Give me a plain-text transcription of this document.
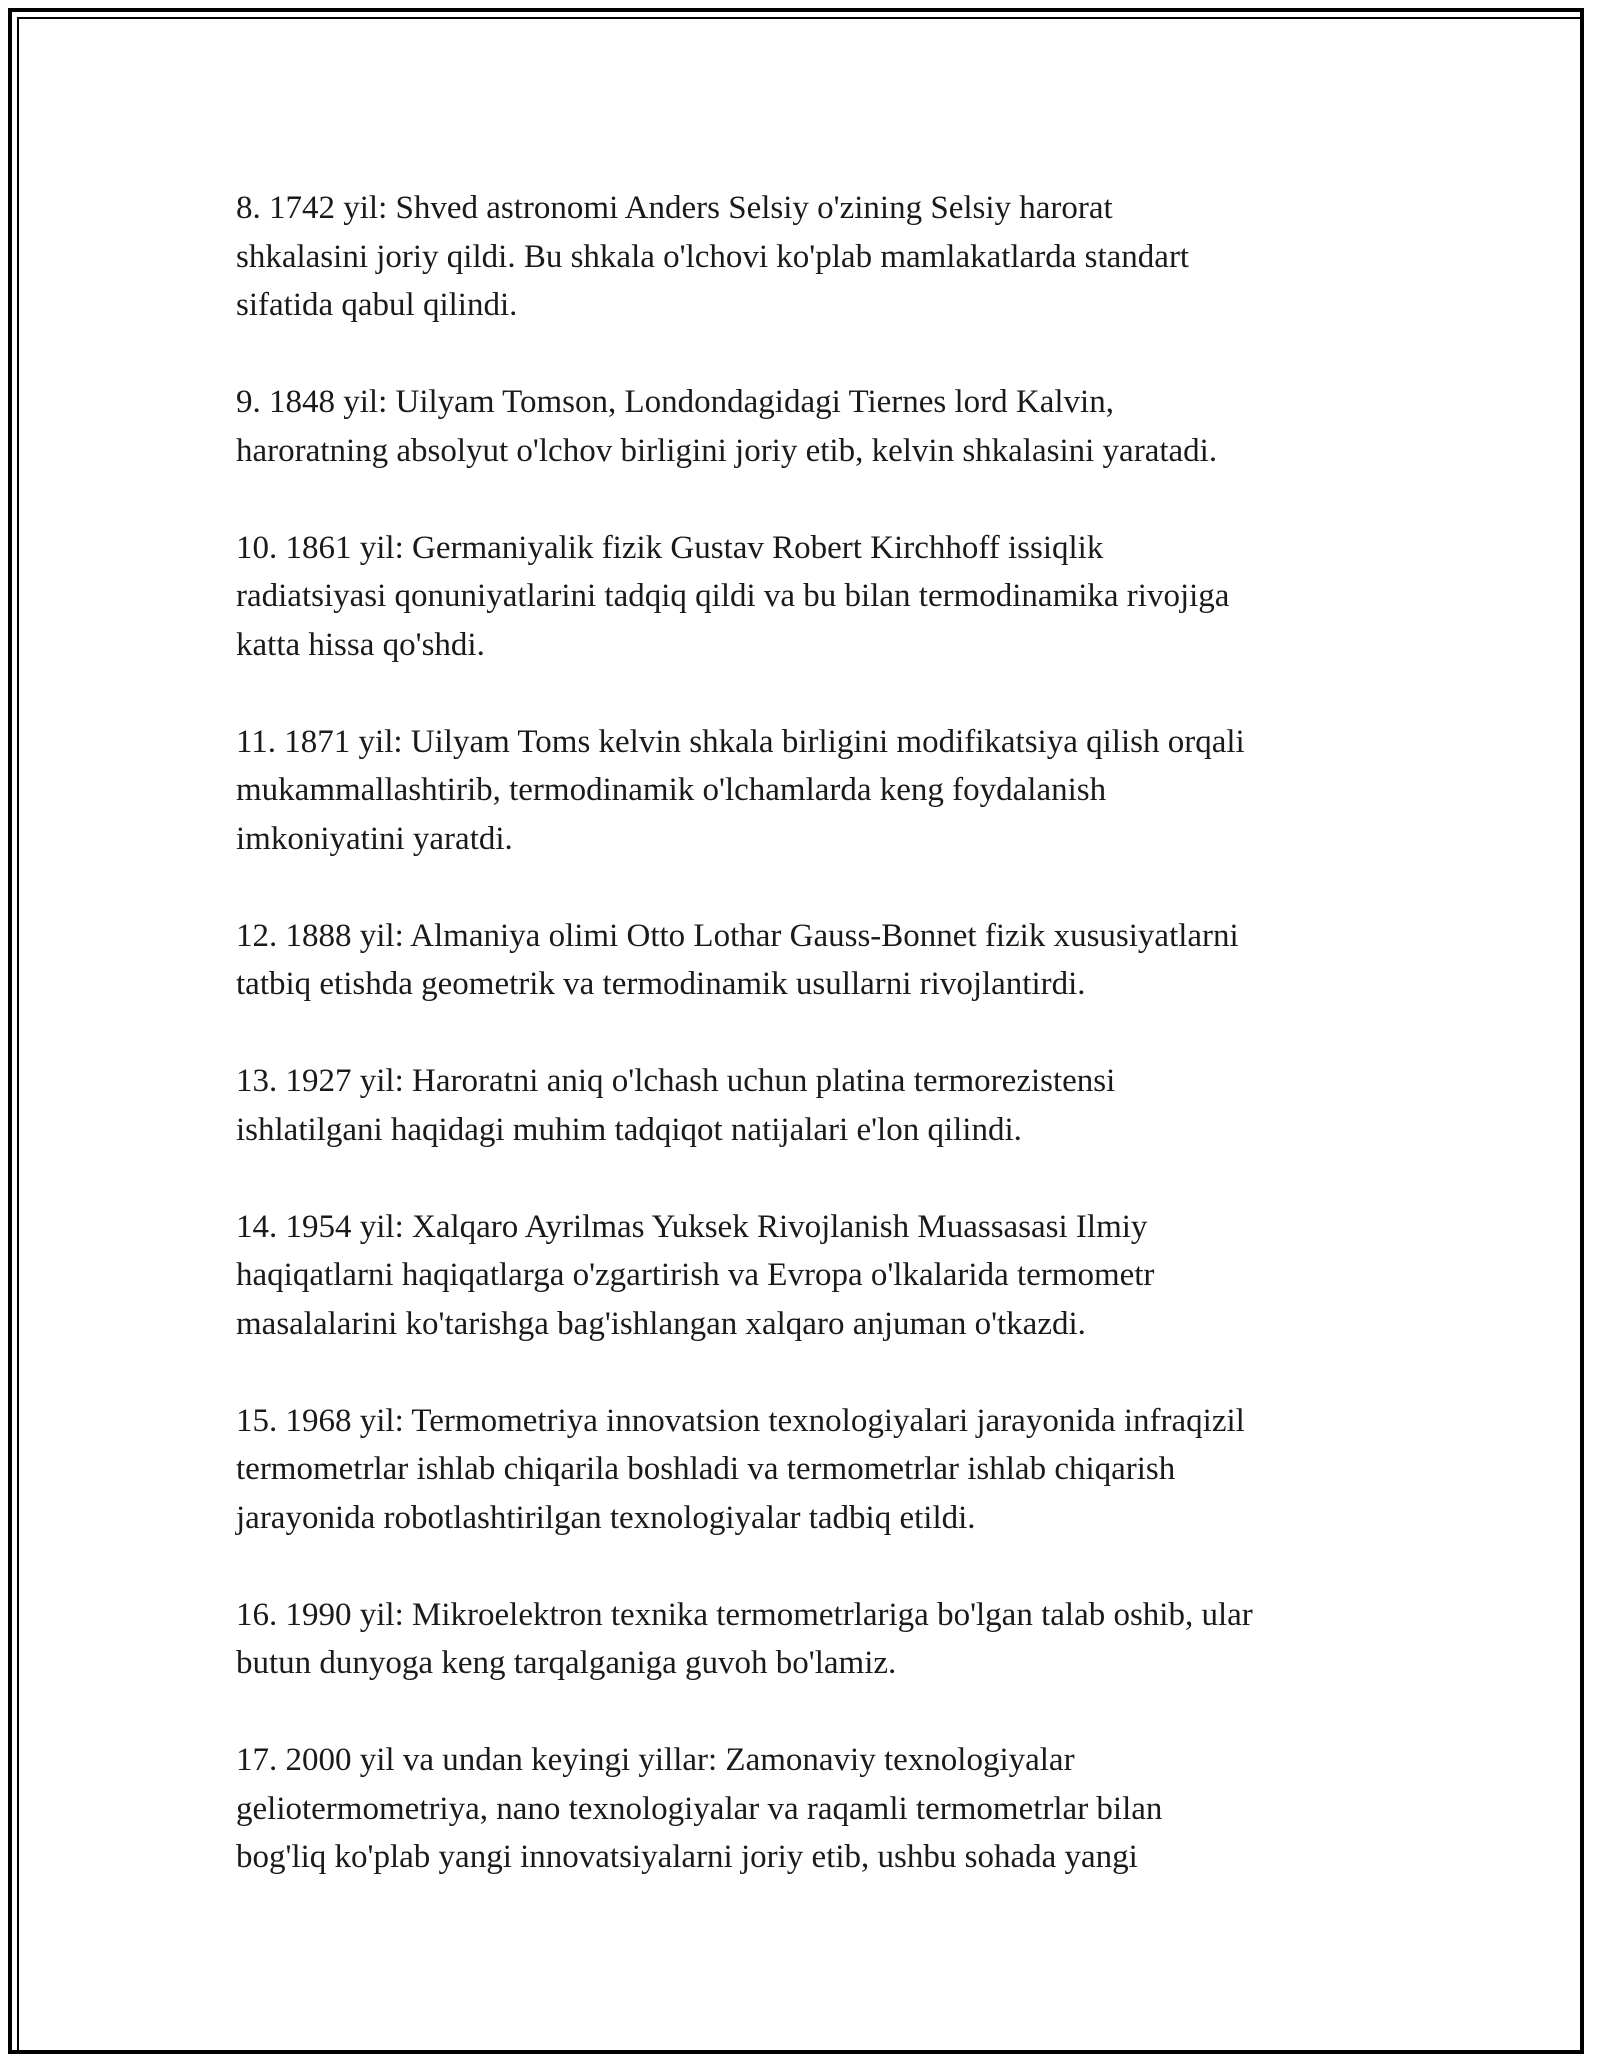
8. 1742 yil: Shved astronomi Anders Selsiy o'zining Selsiy harorat
shkalasini joriy qildi. Bu shkala o'lchovi ko'plab mamlakatlarda standart
sifatida qabul qilindi.

9. 1848 yil: Uilyam Tomson, Londondagidagi Tiernes lord Kalvin,
haroratning absolyut o'lchov birligini joriy etib, kelvin shkalasini yaratadi.

10. 1861 yil: Germaniyalik fizik Gustav Robert Kirchhoff issiqlik
radiatsiyasi qonuniyatlarini tadqiq qildi va bu bilan termodinamika rivojiga
katta hissa qo'shdi.

11. 1871 yil: Uilyam Toms kelvin shkala birligini modifikatsiya qilish orqali
mukammallashtirib, termodinamik o'lchamlarda keng foydalanish
imkoniyatini yaratdi.

12. 1888 yil: Almaniya olimi Otto Lothar Gauss-Bonnet fizik xususiyatlarni
tatbiq etishda geometrik va termodinamik usullarni rivojlantirdi.

13. 1927 yil: Haroratni aniq o'lchash uchun platina termorezistensi
ishlatilgani haqidagi muhim tadqiqot natijalari e'lon qilindi.

14. 1954 yil: Xalqaro Ayrilmas Yuksek Rivojlanish Muassasasi Ilmiy
haqiqatlarni haqiqatlarga o'zgartirish va Evropa o'lkalarida termometr
masalalarini ko'tarishga bag'ishlangan xalqaro anjuman o'tkazdi.

15. 1968 yil: Termometriya innovatsion texnologiyalari jarayonida infraqizil
termometrlar ishlab chiqarila boshladi va termometrlar ishlab chiqarish
jarayonida robotlashtirilgan texnologiyalar tadbiq etildi.

16. 1990 yil: Mikroelektron texnika termometrlariga bo'lgan talab oshib, ular
butun dunyoga keng tarqalganiga guvoh bo'lamiz.

17. 2000 yil va undan keyingi yillar: Zamonaviy texnologiyalar
geliotermometriya, nano texnologiyalar va raqamli termometrlar bilan
bog'liq ko'plab yangi innovatsiyalarni joriy etib, ushbu sohada yangi
